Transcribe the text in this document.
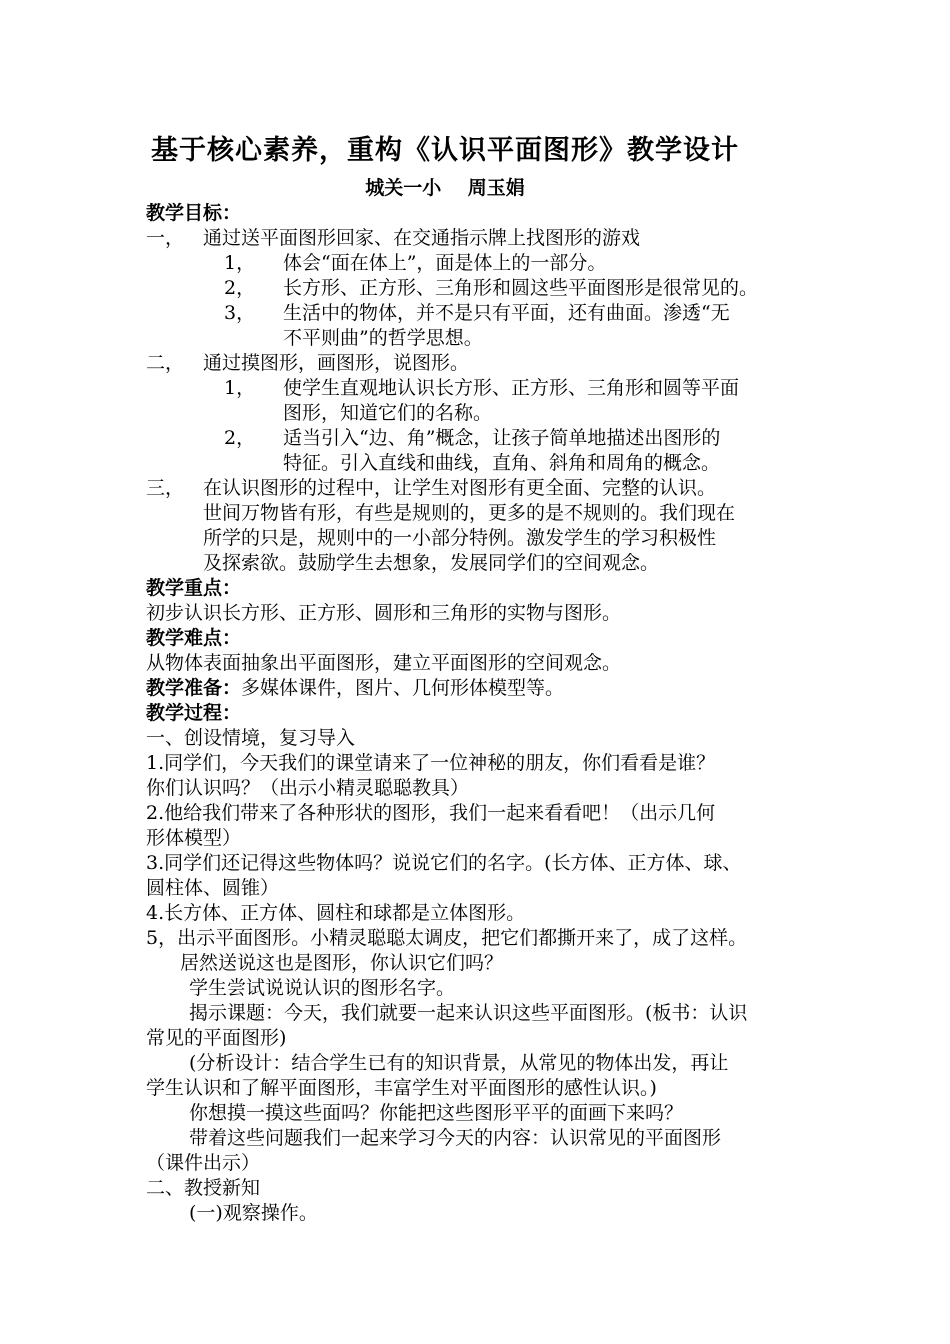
基于核心素养，重构《认识平面图形》教学设计
城关一小    周玉娟
教学目标：
一， 通过送平面图形回家、在交通指示牌上找图形的游戏
1， 体会“面在体上”，面是体上的一部分。
2， 长方形、正方形、三角形和圆这些平面图形是很常见的。
3， 生活中的物体，并不是只有平面，还有曲面。渗透“无
不平则曲”的哲学思想。
二， 通过摸图形，画图形，说图形。
1， 使学生直观地认识长方形、正方形、三角形和圆等平面
图形，知道它们的名称。
2， 适当引入“边、角”概念，让孩子简单地描述出图形的
特征。引入直线和曲线，直角、斜角和周角的概念。
三， 在认识图形的过程中，让学生对图形有更全面、完整的认识。
世间万物皆有形，有些是规则的，更多的是不规则的。我们现在
所学的只是，规则中的一小部分特例。激发学生的学习积极性
及探索欲。鼓励学生去想象，发展同学们的空间观念。
教学重点：
初步认识长方形、正方形、圆形和三角形的实物与图形。
教学难点：
从物体表面抽象出平面图形，建立平面图形的空间观念。
教学准备：多媒体课件，图片、几何形体模型等。
教学过程：
一、创设情境，复习导入
1.同学们，今天我们的课堂请来了一位神秘的朋友，你们看看是谁？
你们认识吗？（出示小精灵聪聪教具）
2.他给我们带来了各种形状的图形，我们一起来看看吧！（出示几何
形体模型）
3.同学们还记得这些物体吗？说说它们的名字。(长方体、正方体、球、
圆柱体、圆锥）
4.长方体、正方体、圆柱和球都是立体图形。
5，出示平面图形。小精灵聪聪太调皮，把它们都撕开来了，成了这样。
居然送说这也是图形，你认识它们吗？
学生尝试说说认识的图形名字。
揭示课题：今天，我们就要一起来认识这些平面图形。(板书：认识
常见的平面图形)
(分析设计：结合学生已有的知识背景，从常见的物体出发，再让
学生认识和了解平面图形，丰富学生对平面图形的感性认识。)
你想摸一摸这些面吗？你能把这些图形平平的面画下来吗？
带着这些问题我们一起来学习今天的内容：认识常见的平面图形
（课件出示）
二、教授新知
(一)观察操作。
